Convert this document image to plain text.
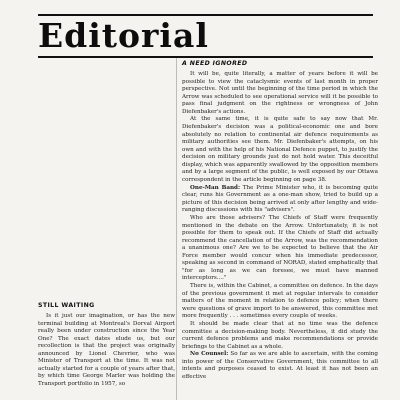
Editorial
A NEED IGNORED

It will be, quite literally, a matter of years before it will be possible to view the cataclysmic events of last month in proper perspective. Not until the beginning of the time period in which the Arrow was scheduled to see operational service will it be possible to pass final judgment on the rightness or wrongness of John Diefenbaker's actions.

At the same time, it is quite safe to say now that Mr. Diefenbaker's decision was a political-economic one and bore absolutely no relation to continental air defence requirements as military authorities see them. Mr. Diefenbaker's attempts, on his own and with the help of his National Defence puppet, to justify the decision on military grounds just do not hold water. This deceitful display, which was apparently swallowed by the opposition members and by a large segment of the public, is well exposed by our Ottawa correspondent in the article beginning on page 38.

One-Man Band: The Prime Minister who, it is becoming quite clear, runs his Government as a one-man show, tried to build up a picture of this decision being arrived at only after lengthy and wide-ranging discussions with his "advisers".

Who are those advisers? The Chiefs of Staff were frequently mentioned in the debate on the Arrow. Unfortunately, it is not possible for them to speak out. If the Chiefs of Staff did actually recommend the cancellation of the Arrow, was the recommendation a unanimous one? Are we to be expected to believe that the Air Force member would concur when his immediate predecessor, speaking as second in command of NORAD, stated emphatically that "for as long as we can foresee, we must have manned interceptors...."

There is, within the Cabinet, a committee on defence. In the days of the previous government it met at regular intervals to consider matters of the moment in relation to defence policy; when there were questions of grave import to be answered, this committee met more frequently . . . sometimes every couple of weeks.

It should be made clear that at no time was the defence committee a decision-making body. Nevertheless, it did study the current defence problems and make recommendations or provide briefings to the Cabinet as a whole.

No Counsel: So far as we are able to ascertain, with the coming into power of the Conservative Government, this committee to all intents and purposes ceased to exist. At least it has not been an effective

STILL WAITING

Is it just our imagination, or has the new terminal building at Montreal's Dorval Airport really been under construction since the Year One? The exact dates elude us, but our recollection is that the project was originally announced by Lionel Chevrier, who was Minister of Transport at the time. It was not actually started for a couple of years after that, by which time George Marler was holding the Transport portfolio in 1957, so
